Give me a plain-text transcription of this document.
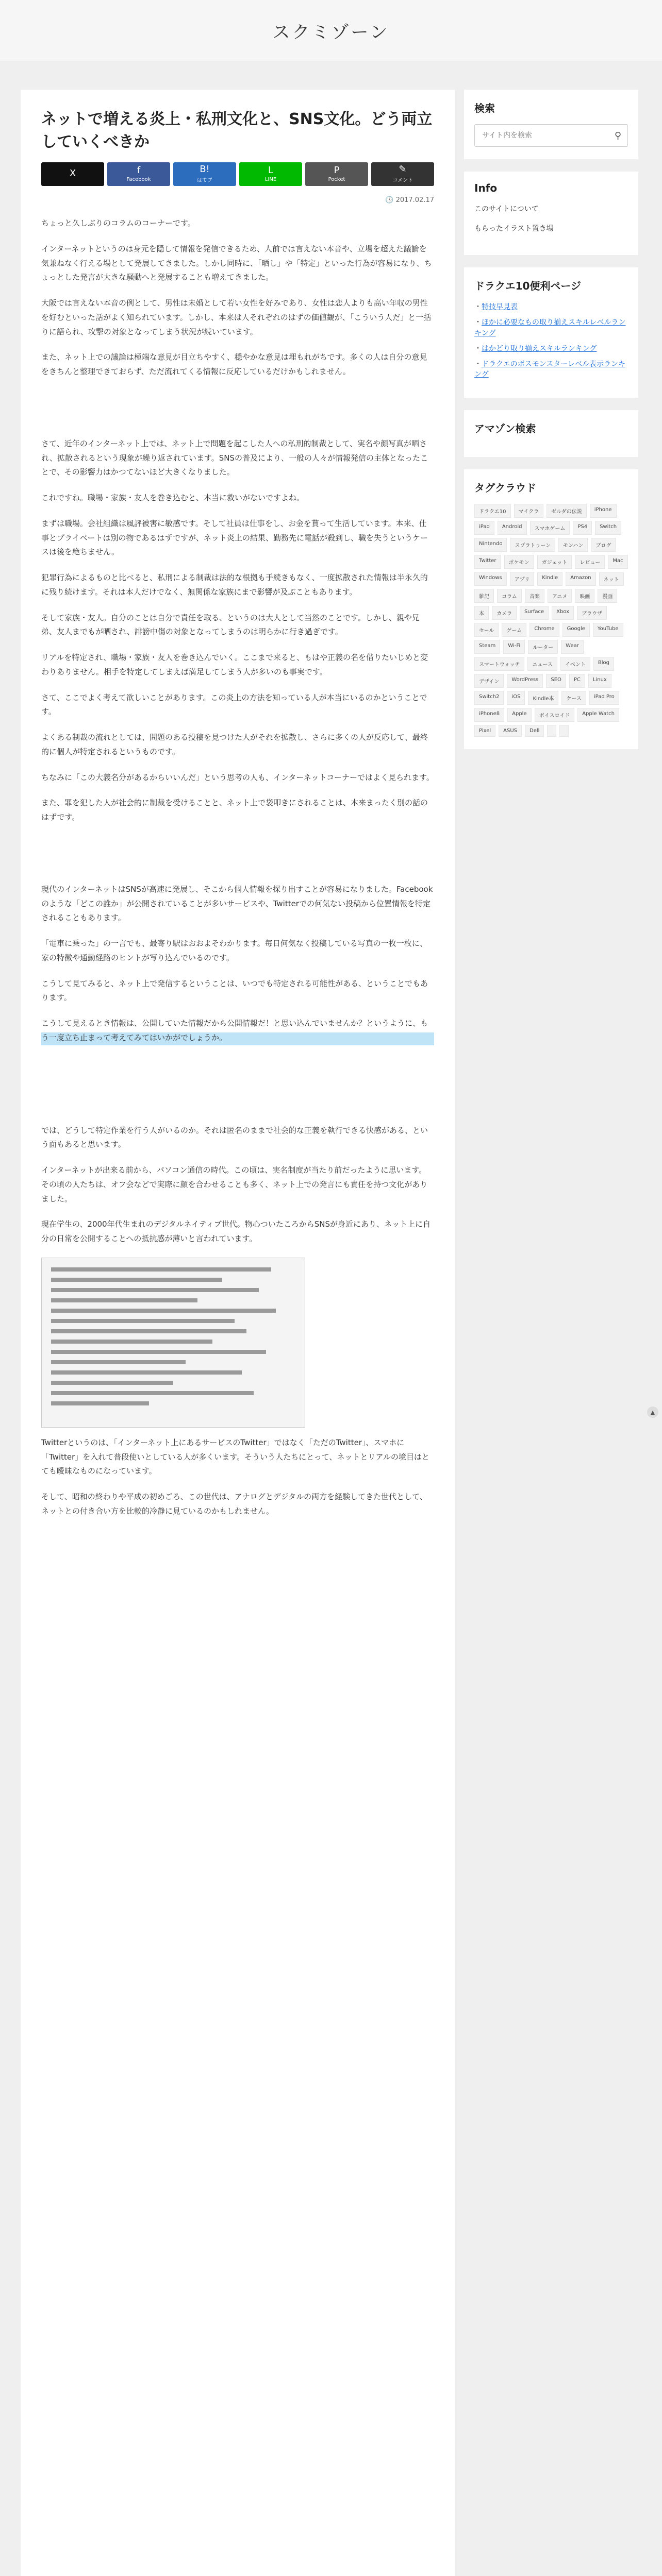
スクミゾーン
ネットで増える炎上・私刑文化と、SNS文化。どう両立していくべきか
X	f
Facebook
B!
はてブ
L
LINE
P
Pocket
✎
コメント
🕓 2017.02.17

ちょっと久しぶりのコラムのコーナーです。

インターネットというのは身元を隠して情報を発信できるため、人前では言えない本音や、立場を超えた議論を気兼ねなく行える場として発展してきました。しかし同時に、「晒し」や「特定」といった行為が容易になり、ちょっとした発言が大きな騒動へと発展することも増えてきました。

大阪では言えない本音の例として、男性は未婚として若い女性を好みであり、女性は恋人よりも高い年収の男性を好むといった話がよく知られています。しかし、本来は人それぞれのはずの価値観が、「こういう人だ」と一括りに語られ、攻撃の対象となってしまう状況が続いています。

また、ネット上での議論は極端な意見が目立ちやすく、穏やかな意見は埋もれがちです。多くの人は自分の意見をきちんと整理できておらず、ただ流れてくる情報に反応しているだけかもしれません。

さて、近年のインターネット上では、ネット上で問題を起こした人への私刑的制裁として、実名や顔写真が晒され、拡散されるという現象が繰り返されています。SNSの普及により、一般の人々が情報発信の主体となったことで、その影響力はかつてないほど大きくなりました。

これですね。職場・家族・友人を巻き込むと、本当に救いがないですよね。

まずは職場。会社組織は風評被害に敏感です。そして社員は仕事をし、お金を貰って生活しています。本来、仕事とプライベートは別の物であるはずですが、ネット炎上の結果、勤務先に電話が殺到し、職を失うというケースは後を絶ちません。

犯罪行為によるものと比べると、私刑による制裁は法的な根拠も手続きもなく、一度拡散された情報は半永久的に残り続けます。それは本人だけでなく、無関係な家族にまで影響が及ぶこともあります。

そして家族・友人。自分のことは自分で責任を取る、というのは大人として当然のことです。しかし、親や兄弟、友人までもが晒され、誹謗中傷の対象となってしまうのは明らかに行き過ぎです。

リアルを特定され、職場・家族・友人を巻き込んでいく。ここまで来ると、もはや正義の名を借りたいじめと変わりありません。相手を特定してしまえば満足してしまう人が多いのも事実です。

さて、ここでよく考えて欲しいことがあります。この炎上の方法を知っている人が本当にいるのかということです。

よくある制裁の流れとしては、問題のある投稿を見つけた人がそれを拡散し、さらに多くの人が反応して、最終的に個人が特定されるというものです。

ちなみに「この大義名分があるからいいんだ」という思考の人も、インターネットコーナーではよく見られます。

また、罪を犯した人が社会的に制裁を受けることと、ネット上で袋叩きにされることは、本来まったく別の話のはずです。

現代のインターネットはSNSが高速に発展し、そこから個人情報を探り出すことが容易になりました。Facebookのような「どこの誰か」が公開されていることが多いサービスや、Twitterでの何気ない投稿から位置情報を特定されることもあります。

「電車に乗った」の一言でも、最寄り駅はおおよそわかります。毎日何気なく投稿している写真の一枚一枚に、家の特徴や通勤経路のヒントが写り込んでいるのです。

こうして見てみると、ネット上で発信するということは、いつでも特定される可能性がある、ということでもあります。

こうして見えるとき情報は、公開していた情報だから公開情報だ！と思い込んでいませんか？というように、もう一度立ち止まって考えてみてはいかがでしょうか。

では、どうして特定作業を行う人がいるのか。それは匿名のままで社会的な正義を執行できる快感がある、という面もあると思います。

インターネットが出来る前から、パソコン通信の時代。この頃は、実名制度が当たり前だったように思います。その頃の人たちは、オフ会などで実際に顔を合わせることも多く、ネット上での発言にも責任を持つ文化がありました。

現在学生の、2000年代生まれのデジタルネイティブ世代。物心ついたころからSNSが身近にあり、ネット上に自分の日常を公開することへの抵抗感が薄いと言われています。

Twitterというのは、「インターネット上にあるサービスのTwitter」ではなく「ただのTwitter」、スマホに「Twitter」を入れて普段使いとしている人が多くいます。そういう人たちにとって、ネットとリアルの境目はとても曖昧なものになっています。

そして、昭和の終わりや平成の初めごろ、この世代は、アナログとデジタルの両方を経験してきた世代として、ネットとの付き合い方を比較的冷静に見ているのかもしれません。

検索
サイト内を検索
⚲
Info

このサイトについて

もらったイラスト置き場

ドラクエ10便利ページ

・特技早見表

・ほかに必要なもの取り揃えスキルレベルランキング

・はかどり取り揃えスキルランキング

・ドラクエのボスモンスターレベル表示ランキング

アマゾン検索
タグクラウド
ドラクエ10	マイクラ	ゼルダの伝説	iPhone
iPad	Android	スマホゲーム	PS4	Switch
Nintendo	スプラトゥーン	モンハン	ブログ
Twitter	ポケモン	ガジェット	レビュー	Mac
Windows	アプリ	Kindle	Amazon	ネット
雑記	コラム	音楽	アニメ	映画	漫画
本	カメラ	Surface	Xbox	ブラウザ
セール	ゲーム	Chrome	Google	YouTube
Steam	Wi-Fi	ルーター	Wear
スマートウォッチ	ニュース	イベント	Blog
デザイン	WordPress	SEO	PC	Linux
Switch2	iOS	Kindle本	ケース	iPad Pro
iPhone8	Apple	ボイスロイド	Apple Watch
Pixel	ASUS	Dell
▲
